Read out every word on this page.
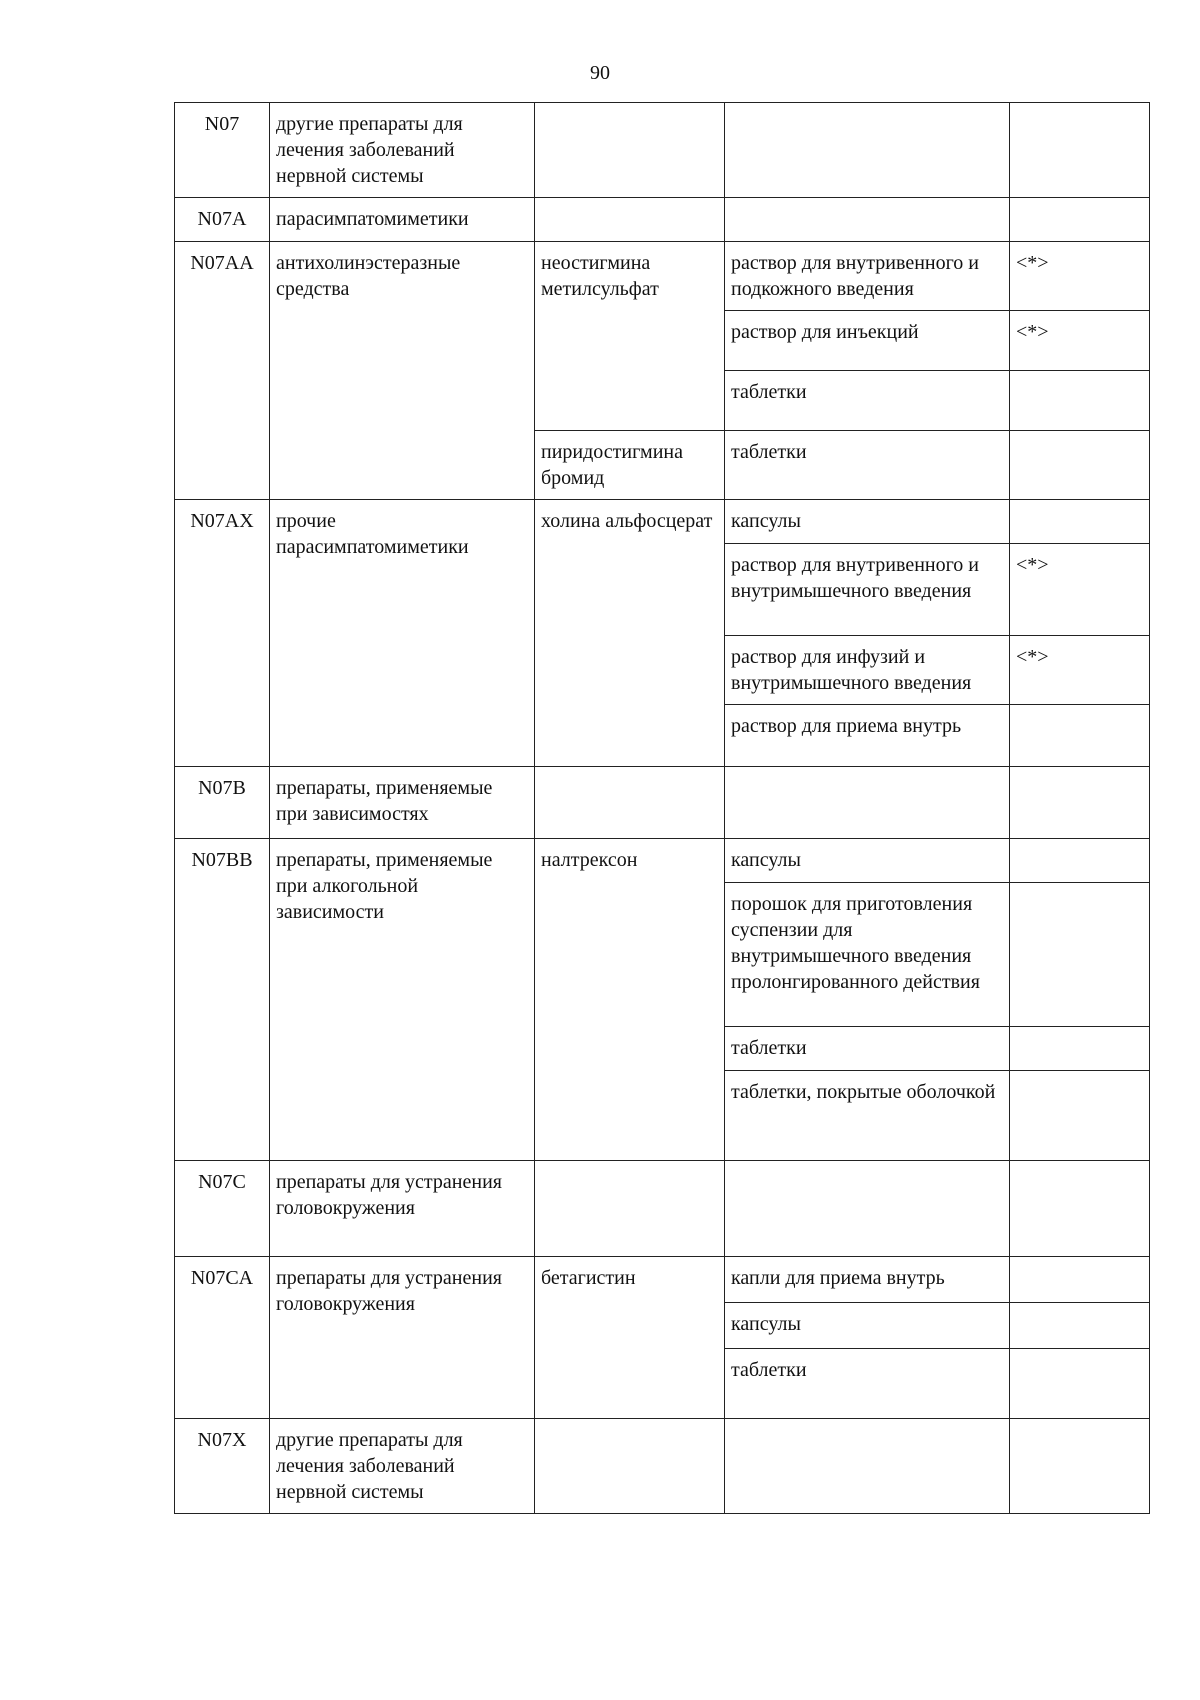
90
N07	другие препараты для лечения заболеваний нервной системы			
N07A	парасимпатомиметики			
N07AA	антихолинэстеразные средства	неостигмина метилсульфат	раствор для внутривенного и подкожного введения	<*>
			раствор для инъекций	<*>
			таблетки	
		пиридостигмина бромид	таблетки	
N07AX	прочие парасимпатомиметики	холина альфосцерат	капсулы	
			раствор для внутривенного и внутримышечного введения	<*>
			раствор для инфузий и внутримышечного введения	<*>
			раствор для приема внутрь	
N07B	препараты, применяемые при зависимостях			
N07BB	препараты, применяемые при алкогольной зависимости	налтрексон	капсулы	
			порошок для приготовления суспензии для внутримышечного введения пролонгированного действия	
			таблетки	
			таблетки, покрытые оболочкой	
N07C	препараты для устранения головокружения			
N07CA	препараты для устранения головокружения	бетагистин	капли для приема внутрь	
			капсулы	
			таблетки	
N07X	другие препараты для лечения заболеваний нервной системы			
